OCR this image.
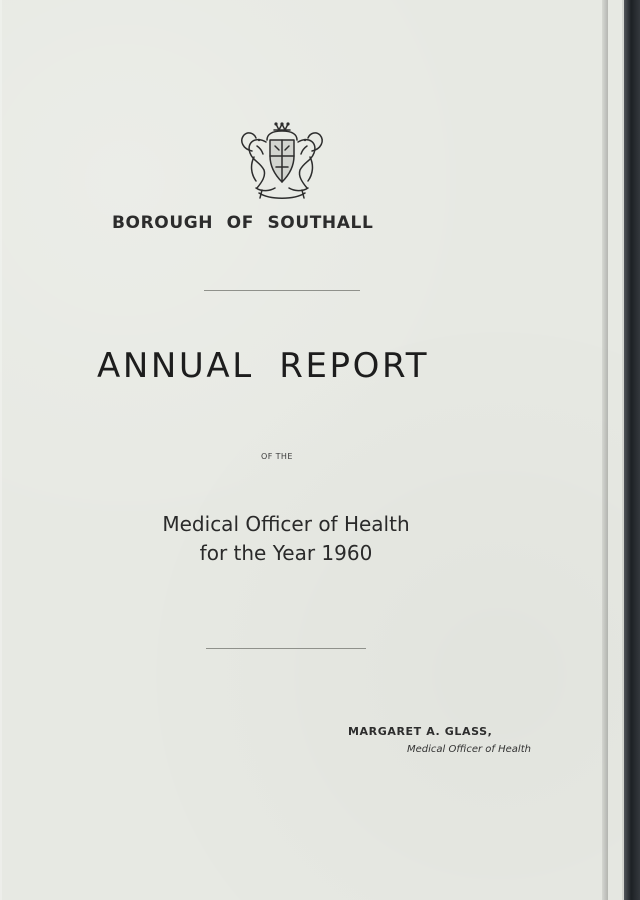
BOROUGH OF SOUTHALL
ANNUAL REPORT
OF THE
Medical Officer of Health
for the Year 1960
MARGARET A. GLASS,
Medical Officer of Health
